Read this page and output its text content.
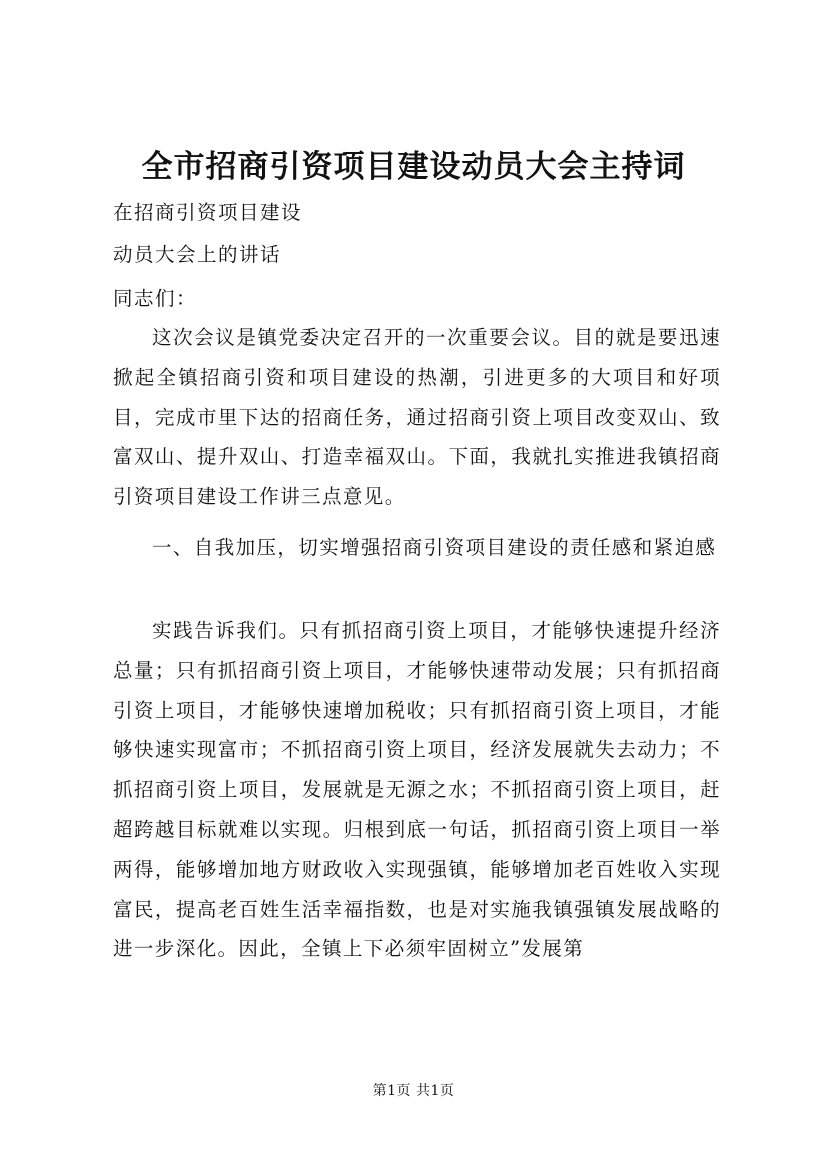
全市招商引资项目建设动员大会主持词
在招商引资项目建设
动员大会上的讲话
同志们：

这次会议是镇党委决定召开的一次重要会议。目的就是要迅速掀起全镇招商引资和项目建设的热潮，引进更多的大项目和好项目，完成市里下达的招商任务，通过招商引资上项目改变双山、致富双山、提升双山、打造幸福双山。下面，我就扎实推进我镇招商引资项目建设工作讲三点意见。

一、自我加压，切实增强招商引资项目建设的责任感和紧迫感

实践告诉我们。只有抓招商引资上项目，才能够快速提升经济总量；只有抓招商引资上项目，才能够快速带动发展；只有抓招商引资上项目，才能够快速增加税收；只有抓招商引资上项目，才能够快速实现富市；不抓招商引资上项目，经济发展就失去动力；不抓招商引资上项目，发展就是无源之水；不抓招商引资上项目，赶超跨越目标就难以实现。归根到底一句话，抓招商引资上项目一举两得，能够增加地方财政收入实现强镇，能够增加老百姓收入实现富民，提高老百姓生活幸福指数，也是对实施我镇强镇发展战略的进一步深化。因此，全镇上下必须牢固树立”发展第

第1页 共1页
